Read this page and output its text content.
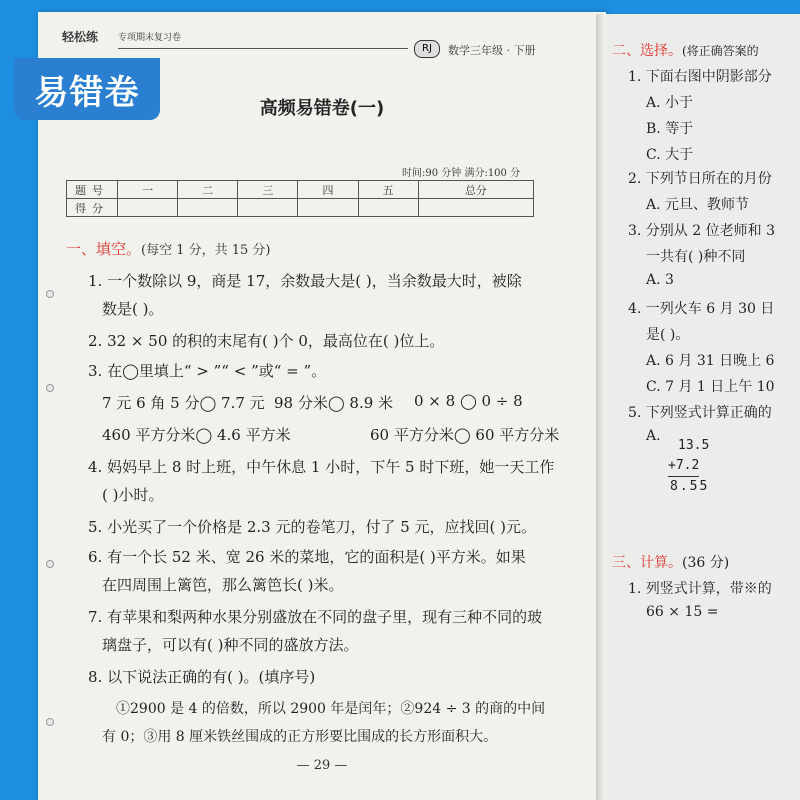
轻松练 专项期末复习卷
RJ	数学三年级 · 下册
易错卷	高频易错卷(一)
时间:90 分钟 满分:100 分
题号	一	二	三	四	五	总分
得分						
一、填空。(每空 1 分，共 15 分)
1. 一个数除以 9，商是 17，余数最大是( )，当余数最大时，被除
数是( )。
2. 32 × 50 的积的末尾有( )个 0，最高位在( )位上。
3. 在◯里填上“ > ”“ < ”或“ = ”。
7 元 6 角 5 分◯ 7.7 元 98 分米◯ 8.9 米 0 × 8 ◯ 0 ÷ 8
460 平方分米◯ 4.6 平方米	60 平方分米◯ 60 平方分米
4. 妈妈早上 8 时上班，中午休息 1 小时，下午 5 时下班，她一天工作
( )小时。
5. 小光买了一个价格是 2.3 元的卷笔刀，付了 5 元，应找回( )元。
6. 有一个长 52 米、宽 26 米的菜地，它的面积是( )平方米。如果
在四周围上篱笆，那么篱笆长( )米。
7. 有苹果和梨两种水果分别盛放在不同的盘子里，现有三种不同的玻
璃盘子，可以有( )种不同的盛放方法。
8. 以下说法正确的有( )。(填序号)
①2900 是 4 的倍数，所以 2900 年是闰年；②924 ÷ 3 的商的中间
有 0；③用 8 厘米铁丝围成的正方形要比围成的长方形面积大。
— 29 —
二、选择。(将正确答案的
1. 下面右图中阴影部分
A. 小于
B. 等于
C. 大于
2. 下列节日所在的月份
A. 元旦、教师节
3. 分别从 2 位老师和 3
一共有( )种不同
A. 3
4. 一列火车 6 月 30 日
是( )。
A. 6 月 31 日晚上 6
C. 7 月 1 日上午 10
5. 下列竖式计算正确的
A.
13.5
+7.2
8.55
三、计算。(36 分)
1. 列竖式计算，带※的
66 × 15 =
